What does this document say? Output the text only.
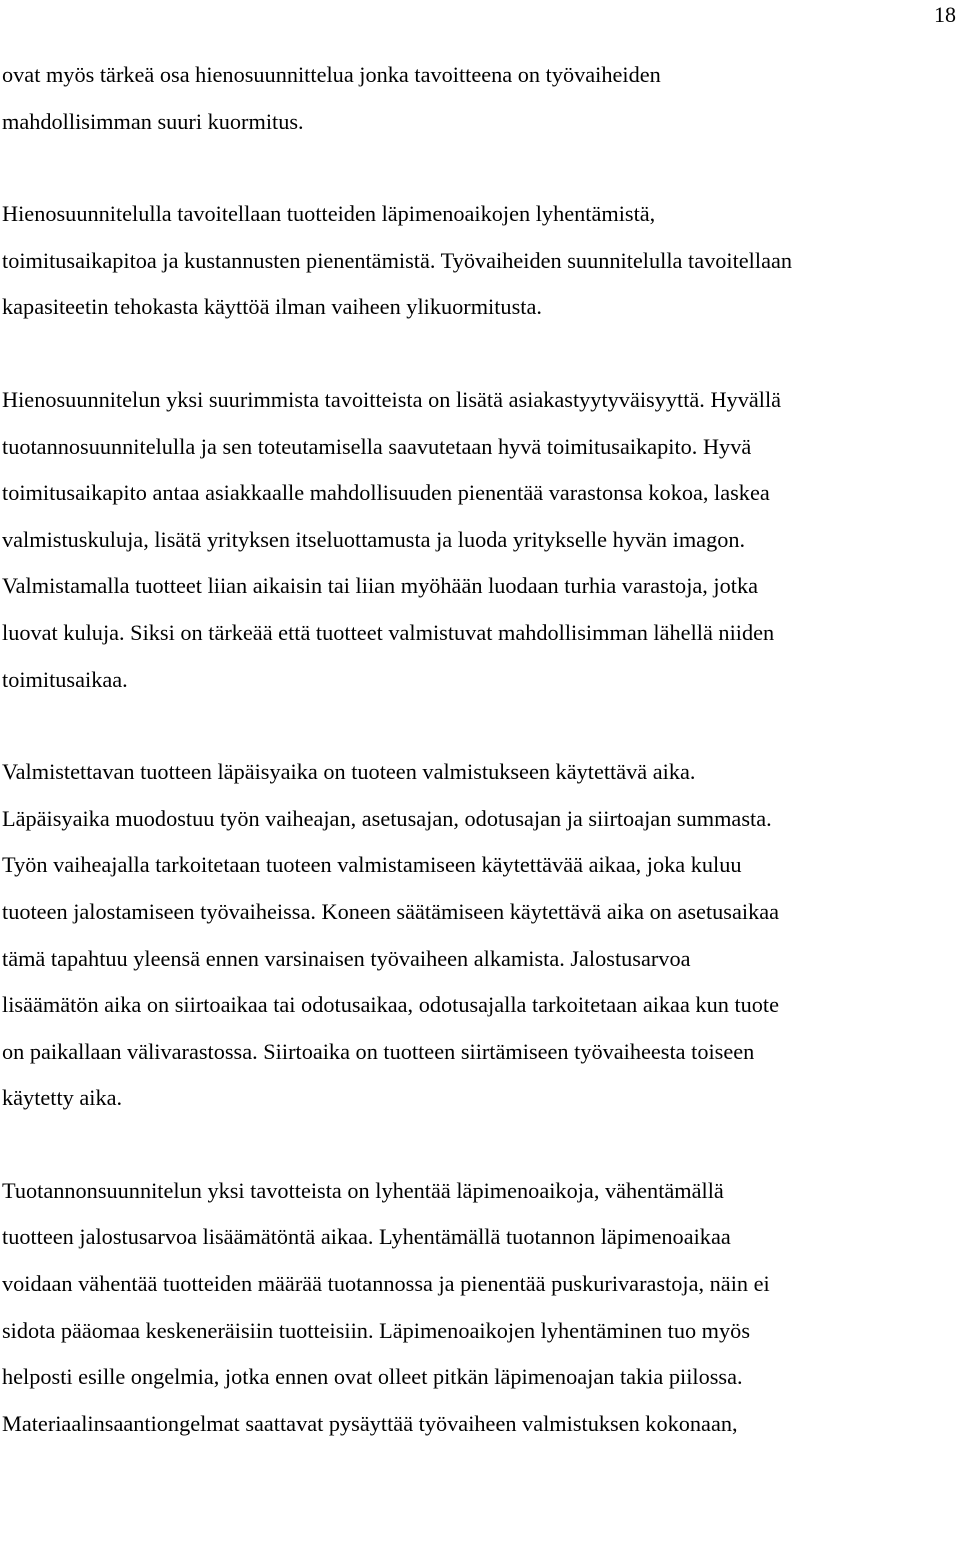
18

ovat myös tärkeä osa hienosuunnittelua jonka tavoitteena on työvaiheiden
mahdollisimman suuri kuormitus.

Hienosuunnitelulla tavoitellaan tuotteiden läpimenoaikojen lyhentämistä,
toimitusaikapitoa ja kustannusten pienentämistä. Työvaiheiden suunnitelulla tavoitellaan
kapasiteetin tehokasta käyttöä ilman vaiheen ylikuormitusta.

Hienosuunnitelun yksi suurimmista tavoitteista on lisätä asiakastyytyväisyyttä. Hyvällä
tuotannosuunnitelulla ja sen toteutamisella saavutetaan hyvä toimitusaikapito. Hyvä
toimitusaikapito antaa asiakkaalle mahdollisuuden pienentää varastonsa kokoa, laskea
valmistuskuluja, lisätä yrityksen itseluottamusta ja luoda yritykselle hyvän imagon.
Valmistamalla tuotteet liian aikaisin tai liian myöhään luodaan turhia varastoja, jotka
luovat kuluja. Siksi on tärkeää että tuotteet valmistuvat mahdollisimman lähellä niiden
toimitusaikaa.

Valmistettavan tuotteen läpäisyaika on tuoteen valmistukseen käytettävä aika.
Läpäisyaika muodostuu työn vaiheajan, asetusajan, odotusajan ja siirtoajan summasta.
Työn vaiheajalla tarkoitetaan tuoteen valmistamiseen käytettävää aikaa, joka kuluu
tuoteen jalostamiseen työvaiheissa. Koneen säätämiseen käytettävä aika on asetusaikaa
tämä tapahtuu yleensä ennen varsinaisen työvaiheen alkamista. Jalostusarvoa
lisäämätön aika on siirtoaikaa tai odotusaikaa, odotusajalla tarkoitetaan aikaa kun tuote
on paikallaan välivarastossa. Siirtoaika on tuotteen siirtämiseen työvaiheesta toiseen
käytetty aika.

Tuotannonsuunnitelun yksi tavotteista on lyhentää läpimenoaikoja, vähentämällä
tuotteen jalostusarvoa lisäämätöntä aikaa. Lyhentämällä tuotannon läpimenoaikaa
voidaan vähentää tuotteiden määrää tuotannossa ja pienentää puskurivarastoja, näin ei
sidota pääomaa keskeneräisiin tuotteisiin. Läpimenoaikojen lyhentäminen tuo myös
helposti esille ongelmia, jotka ennen ovat olleet pitkän läpimenoajan takia piilossa.
Materiaalinsaantiongelmat saattavat pysäyttää työvaiheen valmistuksen kokonaan,
